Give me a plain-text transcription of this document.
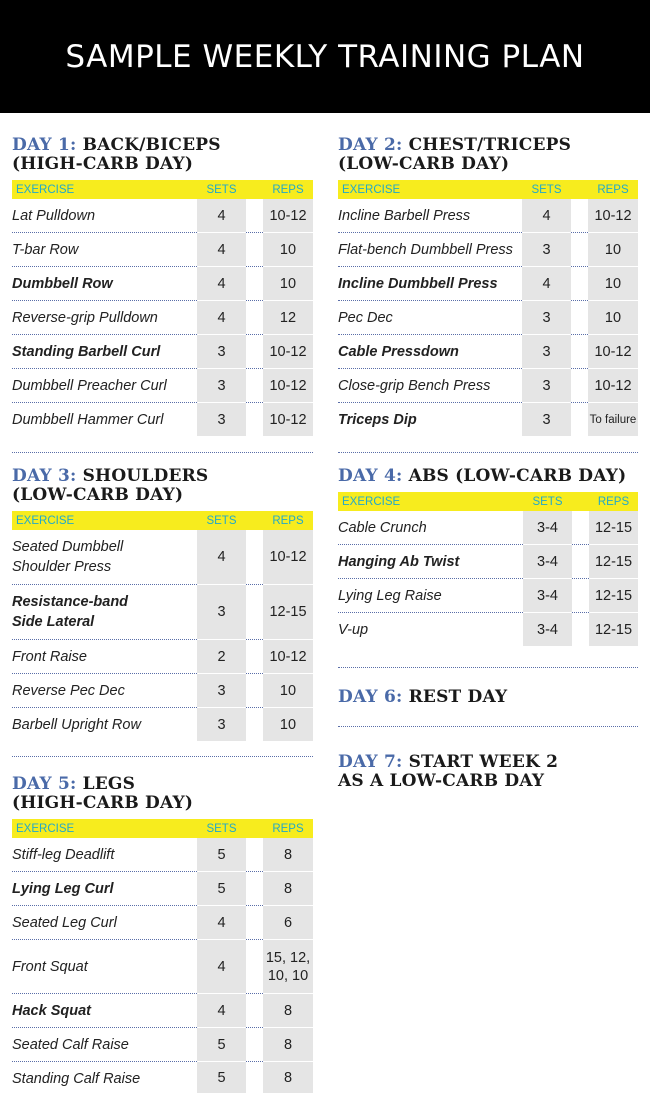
SAMPLE WEEKLY TRAINING PLAN
DAY 1: BACK/BICEPS
(HIGH-CARB DAY)
EXERCISE	SETS		REPS
Lat Pulldown	4		10-12
T-bar Row	4		10
Dumbbell Row	4		10
Reverse-grip Pulldown	4		12
Standing Barbell Curl	3		10-12
Dumbbell Preacher Curl	3		10-12
Dumbbell Hammer Curl	3		10-12
DAY 2: CHEST/TRICEPS
(LOW-CARB DAY)
EXERCISE	SETS		REPS
Incline Barbell Press	4		10-12
Flat-bench Dumbbell Press	3		10
Incline Dumbbell Press	4		10
Pec Dec	3		10
Cable Pressdown	3		10-12
Close-grip Bench Press	3		10-12
Triceps Dip	3		To failure
DAY 3: SHOULDERS
(LOW-CARB DAY)
EXERCISE	SETS		REPS
Seated Dumbbell
Shoulder Press	4		10-12
Resistance-band
Side Lateral	3		12-15
Front Raise	2		10-12
Reverse Pec Dec	3		10
Barbell Upright Row	3		10
DAY 4: ABS (LOW-CARB DAY)
EXERCISE	SETS		REPS
Cable Crunch	3-4		12-15
Hanging Ab Twist	3-4		12-15
Lying Leg Raise	3-4		12-15
V-up	3-4		12-15
DAY 6: REST DAY
DAY 7: START WEEK 2
AS A LOW-CARB DAY
DAY 5: LEGS
(HIGH-CARB DAY)
EXERCISE	SETS		REPS
Stiff-leg Deadlift	5		8
Lying Leg Curl	5		8
Seated Leg Curl	4		6
Front Squat	4		15, 12,
10, 10
Hack Squat	4		8
Seated Calf Raise	5		8
Standing Calf Raise	5		8
